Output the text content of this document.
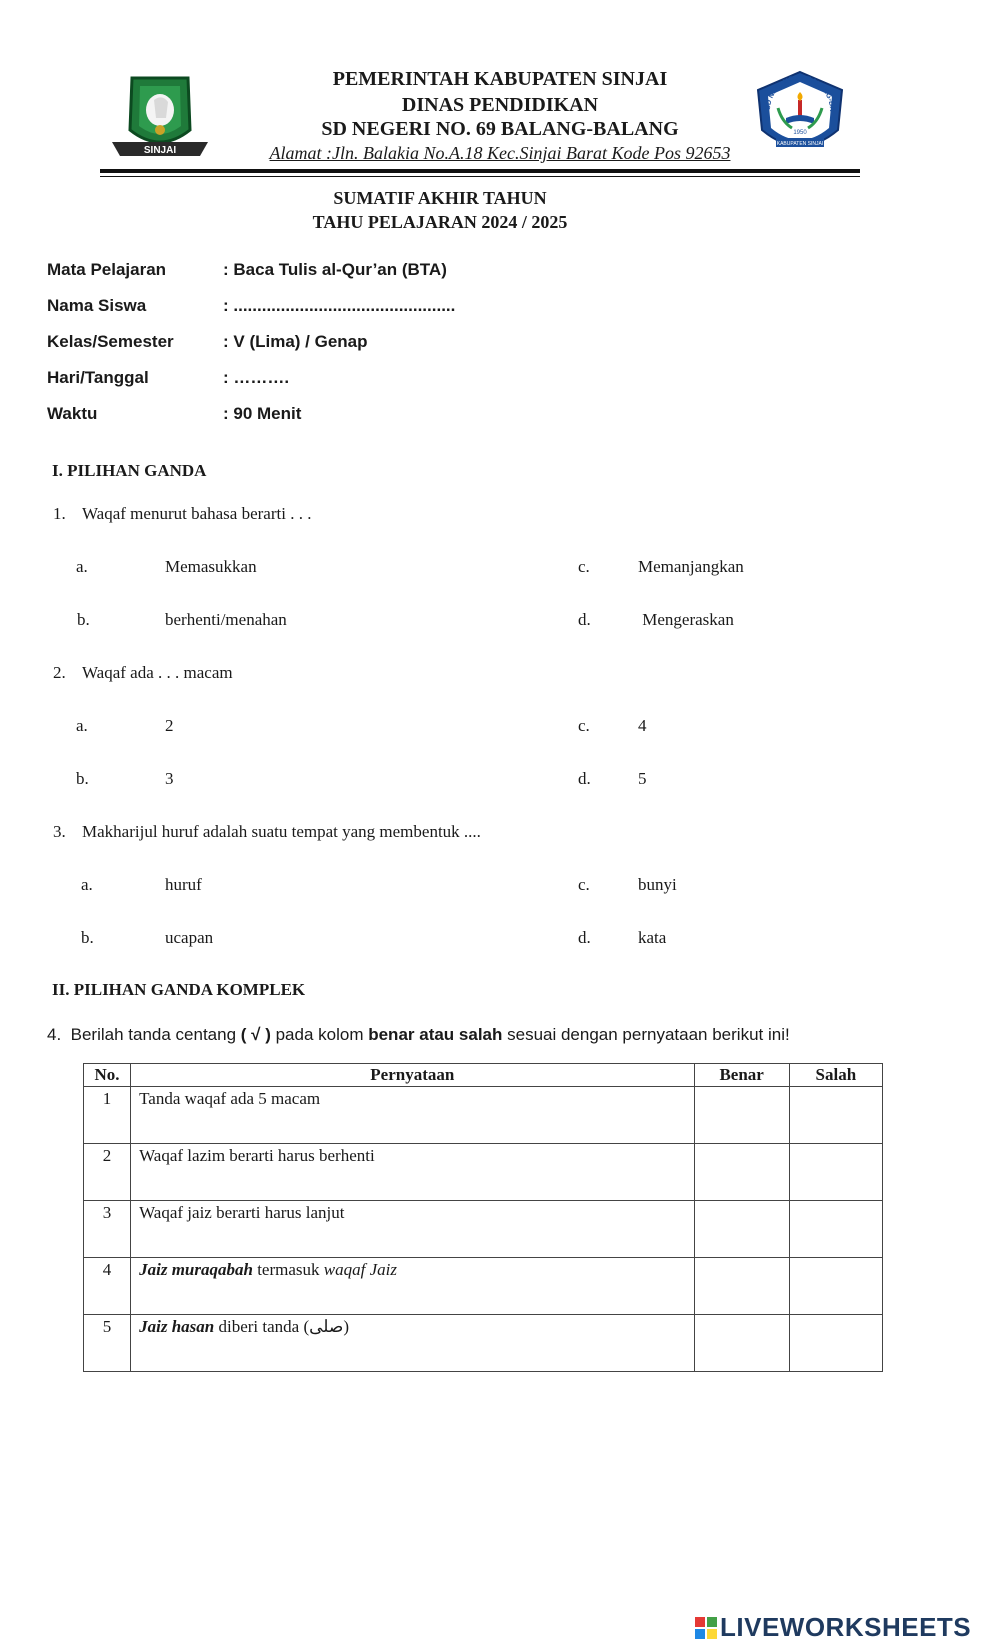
SINJAI
SD NEG. NO.69 BALANG-BA
1950
KABUPATEN SINJAI
PEMERINTAH KABUPATEN SINJAI
DINAS PENDIDIKAN
SD NEGERI NO. 69 BALANG-BALANG
Alamat :Jln. Balakia No.A.18 Kec.Sinjai Barat Kode Pos 92653
SUMATIF AKHIR TAHUN
TAHU PELAJARAN 2024 / 2025
Mata Pelajaran	: Baca Tulis al-Qur’an (BTA)
Nama Siswa	: ...............................................
Kelas/Semester	: V (Lima) / Genap
Hari/Tanggal	: ……….
Waktu	: 90 Menit
I. PILIHAN GANDA
1. Waqaf menurut bahasa berarti . . .
a.	Memasukkan
b.	berhenti/menahan
c.	Memanjangkan
d.	Mengeraskan
2. Waqaf ada . . . macam
a.	2
b.	3
c.	4
d.	5
3. Makharijul huruf adalah suatu tempat yang membentuk ....
a.	huruf
b.	ucapan
c.	bunyi
d.	kata
II. PILIHAN GANDA KOMPLEK
4. Berilah tanda centang ( √ ) pada kolom benar atau salah sesuai dengan pernyataan berikut ini!
No.	Pernyataan	Benar	Salah
1	Tanda waqaf ada 5 macam		
2	Waqaf lazim berarti harus berhenti		
3	Waqaf jaiz berarti harus lanjut		
4	Jaiz muraqabah termasuk waqaf Jaiz		
5	Jaiz hasan diberi tanda (صلى)		
LIVEWORKSHEETS
